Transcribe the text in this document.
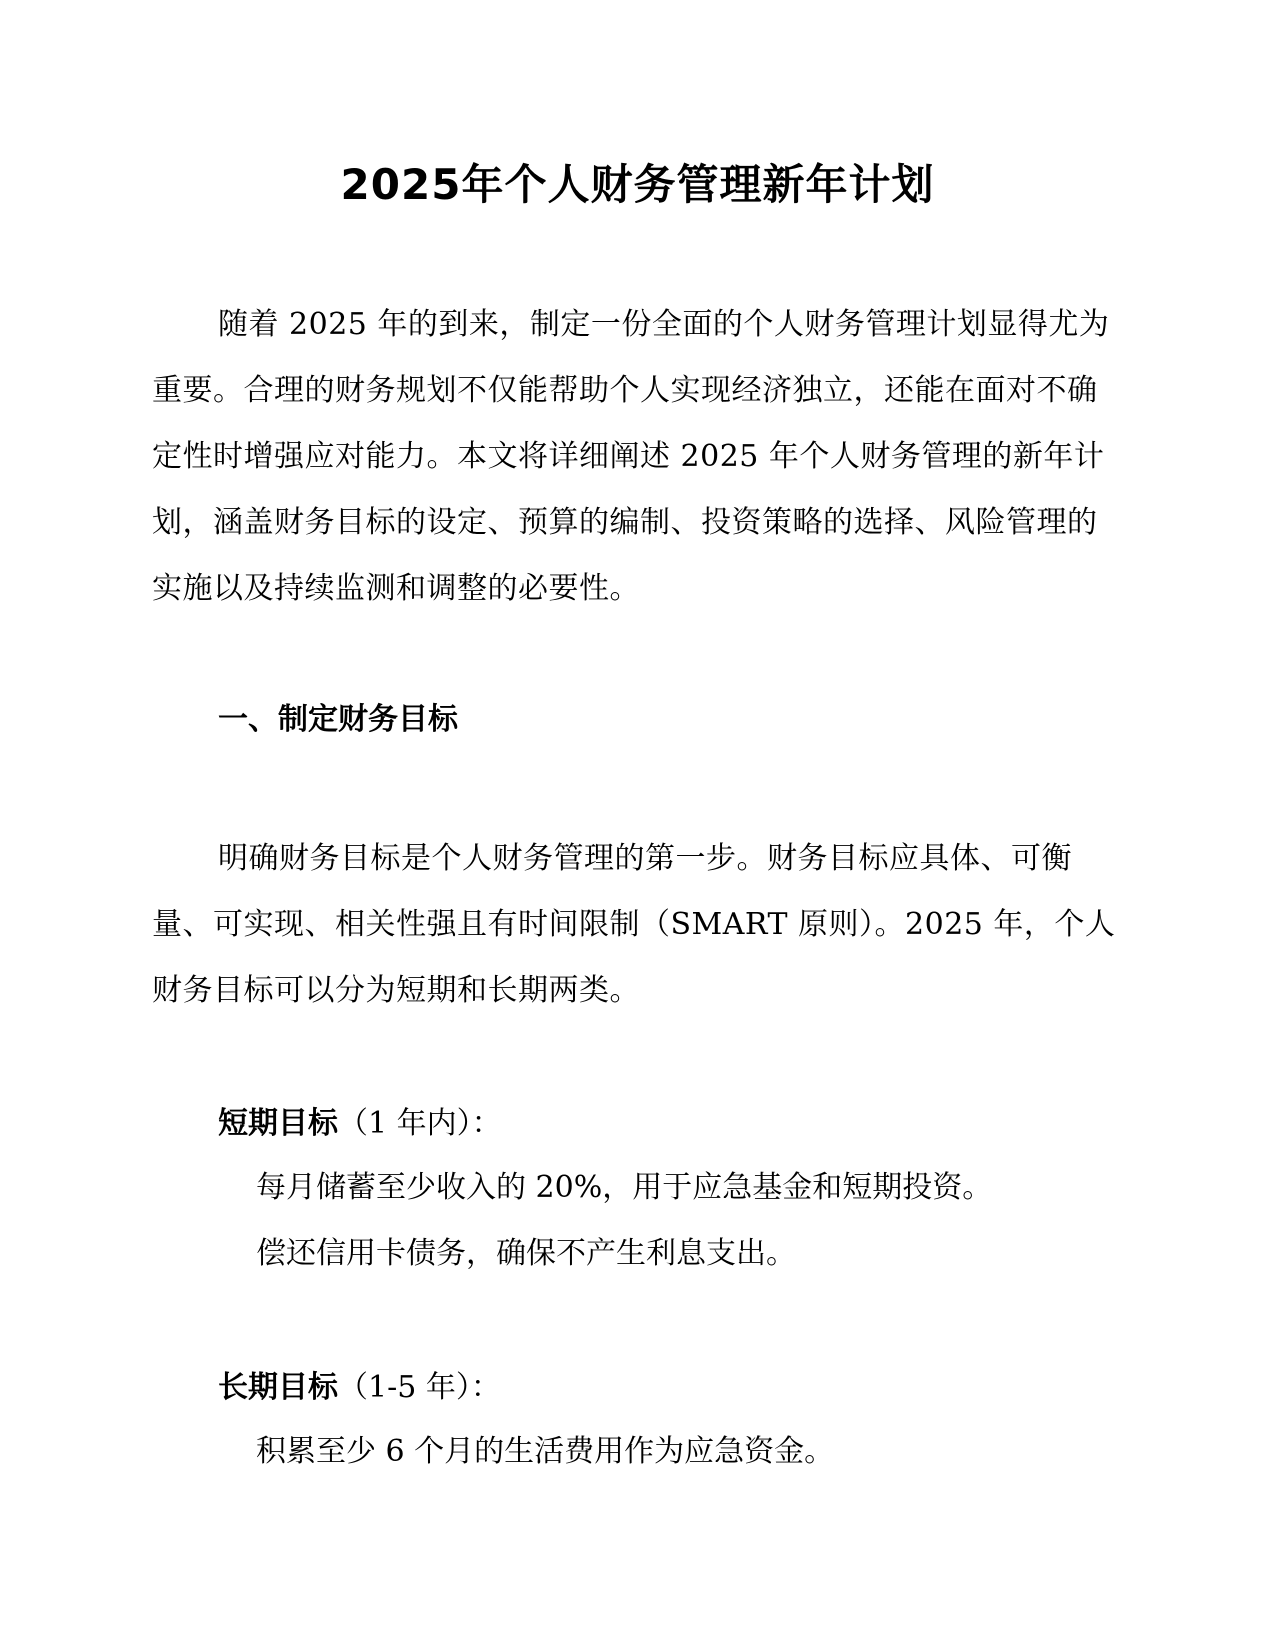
2025年个人财务管理新年计划

随着 2025 年的到来，制定一份全面的个人财务管理计划显得尤为重要。合理的财务规划不仅能帮助个人实现经济独立，还能在面对不确定性时增强应对能力。本文将详细阐述 2025 年个人财务管理的新年计划，涵盖财务目标的设定、预算的编制、投资策略的选择、风险管理的实施以及持续监测和调整的必要性。

一、制定财务目标

明确财务目标是个人财务管理的第一步。财务目标应具体、可衡量、可实现、相关性强且有时间限制（SMART 原则）。2025 年，个人财务目标可以分为短期和长期两类。

短期目标（1 年内）：

每月储蓄至少收入的 20%，用于应急基金和短期投资。

偿还信用卡债务，确保不产生利息支出。

长期目标（1-5 年）：

积累至少 6 个月的生活费用作为应急资金。
